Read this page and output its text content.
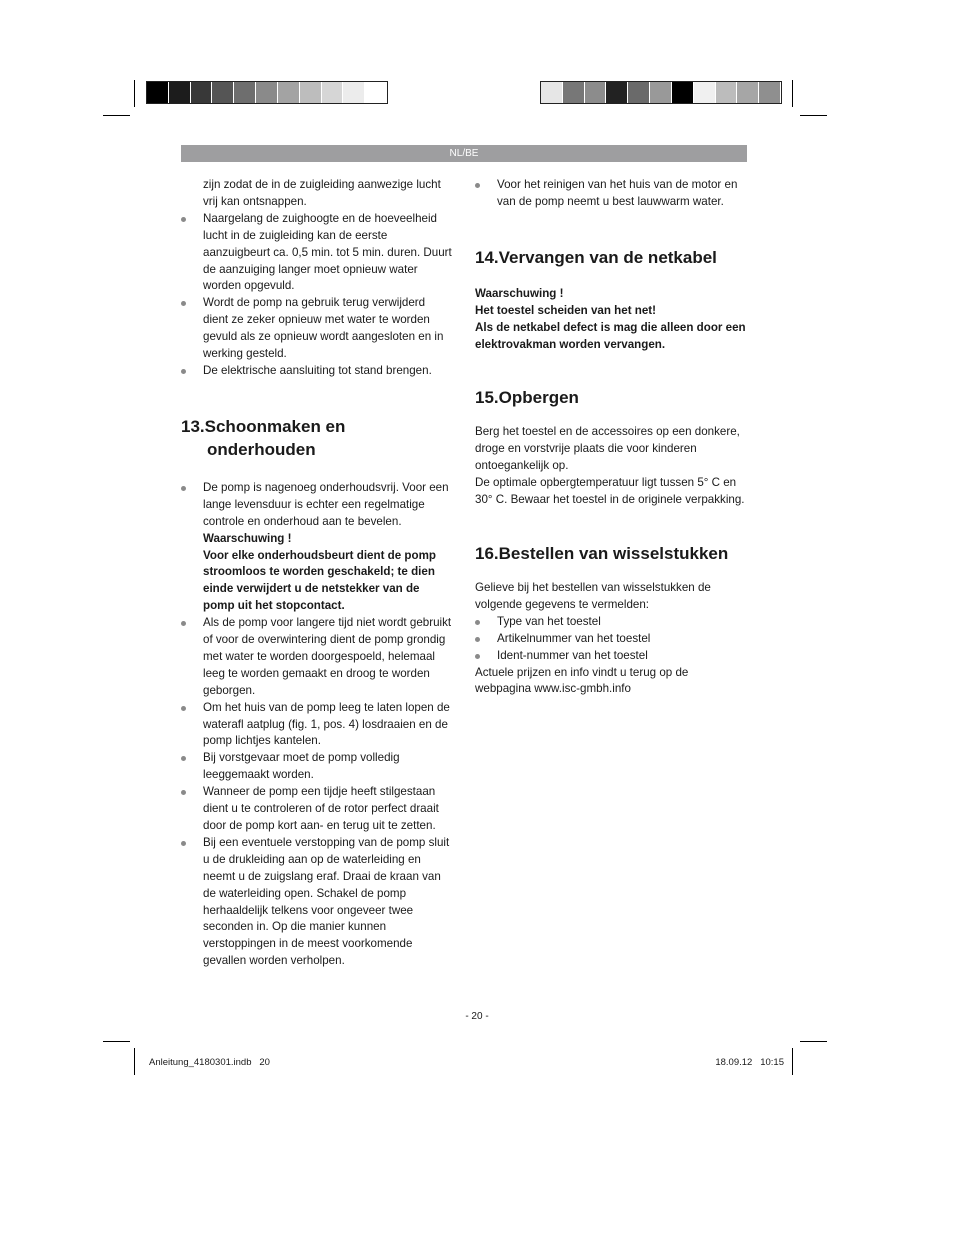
NL/BE

zijn zodat de in de zuigleiding aanwezige lucht vrij kan ontsnappen.

Naargelang de zuighoogte en de hoeveelheid lucht in de zuigleiding kan de eerste aanzuigbeurt ca. 0,5 min. tot 5 min. duren. Duurt de aanzuiging langer moet opnieuw water worden opgevuld.
Wordt de pomp na gebruik terug verwijderd dient ze zeker opnieuw met water te worden gevuld als ze opnieuw wordt aangesloten en in werking gesteld.
De elektrische aansluiting tot stand brengen.
13.Schoonmaken en
onderhouden
De pomp is nagenoeg onderhoudsvrij. Voor een lange levensduur is echter een regelmatige controle en onderhoud aan te bevelen.
Waarschuwing !
Voor elke onderhoudsbeurt dient de pomp stroomloos te worden geschakeld; te dien einde verwijdert u de netstekker van de pomp uit het stopcontact.
Als de pomp voor langere tijd niet wordt gebruikt of voor de overwintering dient de pomp grondig met water te worden doorgespoeld, helemaal leeg te worden gemaakt en droog te worden geborgen.
Om het huis van de pomp leeg te laten lopen de waterafl aatplug (fig. 1, pos. 4) losdraaien en de pomp lichtjes kantelen.
Bij vorstgevaar moet de pomp volledig leeggemaakt worden.
Wanneer de pomp een tijdje heeft stilgestaan dient u te controleren of de rotor perfect draait door de pomp kort aan- en terug uit te zetten.
Bij een eventuele verstopping van de pomp sluit u de drukleiding aan op de waterleiding en neemt u de zuigslang eraf. Draai de kraan van de waterleiding open. Schakel de pomp herhaaldelijk telkens voor ongeveer twee seconden in. Op die manier kunnen verstoppingen in de meest voorkomende gevallen worden verholpen.
Voor het reinigen van het huis van de motor en van de pomp neemt u best lauwwarm water.
14.Vervangen van de netkabel
Waarschuwing !
Het toestel scheiden van het net!
Als de netkabel defect is mag die alleen door een elektrovakman worden vervangen.
15.Opbergen

Berg het toestel en de accessoires op een donkere, droge en vorstvrije plaats die voor kinderen ontoegankelijk op.

De optimale opbergtemperatuur ligt tussen 5° C en 30° C. Bewaar het toestel in de originele verpakking.

16.Bestellen van wisselstukken

Gelieve bij het bestellen van wisselstukken de volgende gegevens te vermelden:

Type van het toestel
Artikelnummer van het toestel
Ident-nummer van het toestel

Actuele prijzen en info vindt u terug op de webpagina www.isc-gmbh.info

- 20 -
Anleitung_4180301.indb   20	18.09.12   10:15
